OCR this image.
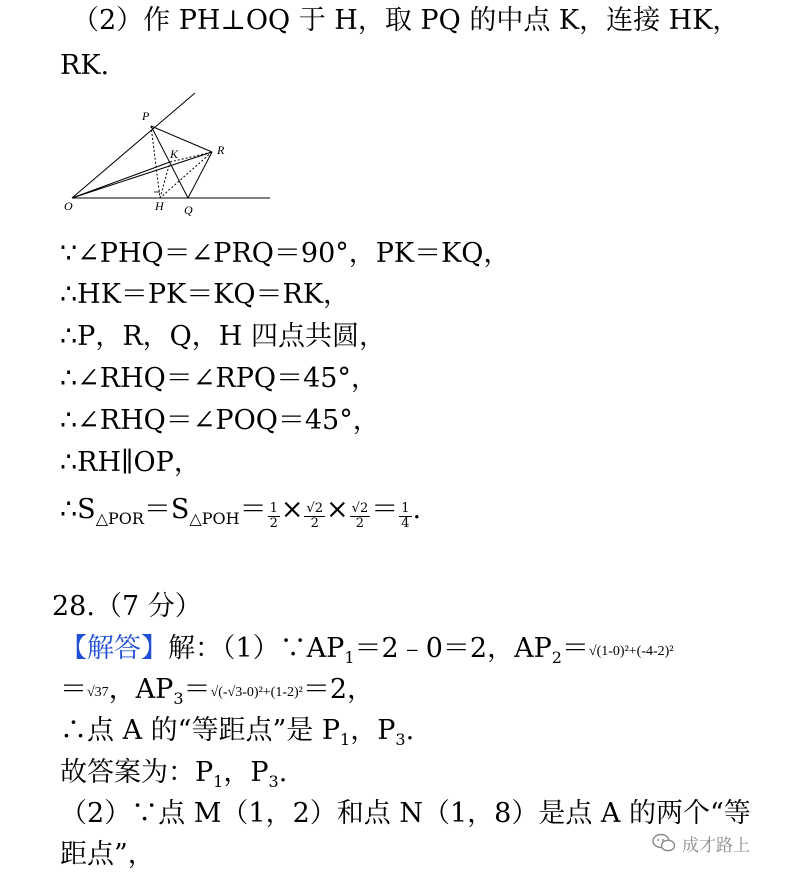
（2）作 PH⊥OQ 于 H，取 PQ 的中点 K，连接 HK，
RK.
P
K	R
O	H Q
∵∠PHQ＝∠PRQ＝90°，PK＝KQ，
∴HK＝PK＝KQ＝RK，
∴P，R，Q，H 四点共圆，
∴∠RHQ＝∠RPQ＝45°，
∴∠RHQ＝∠POQ＝45°，
∴RH∥OP，
$\therefore S_{\triangle POR}=S_{\triangle POH}= \frac{1}{2} \times \frac{√2}{2} \times \frac{√2}{2} = \frac{1}{4}$ .
28.（7 分）
【解答】解：$(1)\because AP_1=2﹣0=2$，$AP_2=√(1-0)^2+(-4-2)^2$
＝√37，$AP_3=√(-√3-0)^2+(1-2)^2=2$，
∴点 A 的“等距点”是 $P_1$，$P_3$.
故答案为：$P_1$，$P_3$.
（2）∵点 M（1，2）和点 N（1，8）是点 A 的两个“等
距点”，	成才路上
